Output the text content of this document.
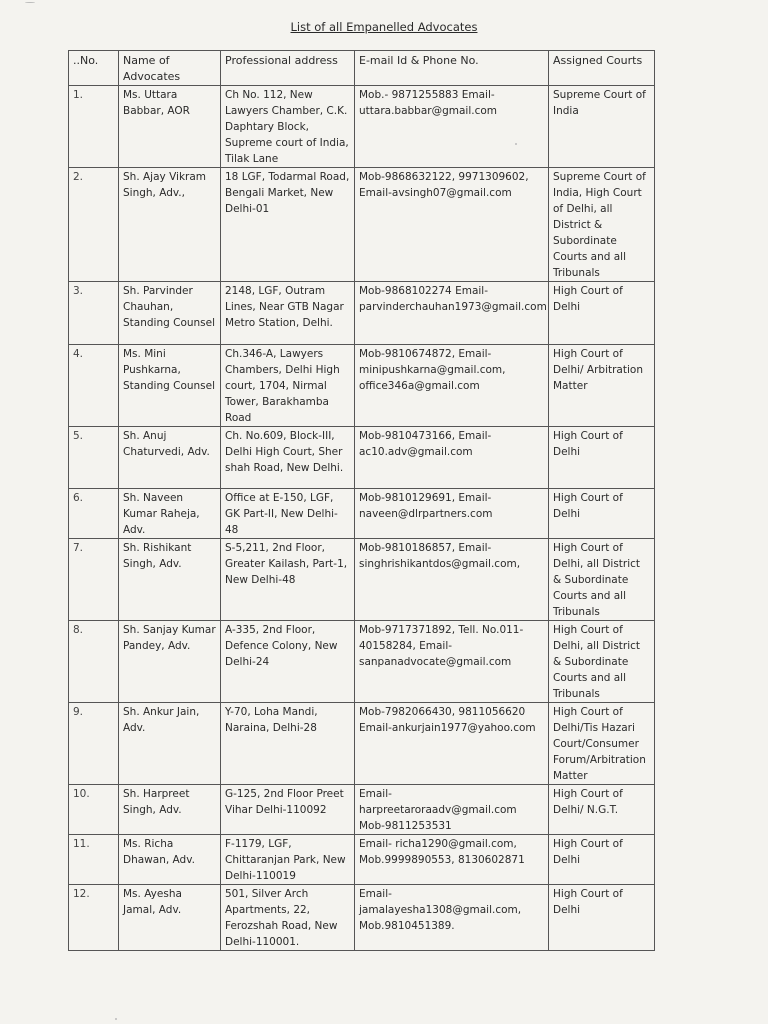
List of all Empanelled Advocates
..No.	Name of Advocates	Professional address	E-mail Id & Phone No.	Assigned Courts
1.	Ms. Uttara Babbar, AOR	Ch No. 112, New Lawyers Chamber, C.K. Daphtary Block, Supreme court of India, Tilak Lane	Mob.- 9871255883 Email-uttara.babbar@gmail.com	Supreme Court of India
2.	Sh. Ajay Vikram Singh, Adv.,	18 LGF, Todarmal Road, Bengali Market, New Delhi-01	Mob-9868632122, 9971309602, Email-avsingh07@gmail.com	Supreme Court of India, High Court of Delhi, all District & Subordinate Courts and all Tribunals
3.	Sh. Parvinder Chauhan, Standing Counsel	2148, LGF, Outram Lines, Near GTB Nagar Metro Station, Delhi.	Mob-9868102274 Email-parvinderchauhan1973@gmail.com	High Court of Delhi
4.	Ms. Mini Pushkarna, Standing Counsel	Ch.346-A, Lawyers Chambers, Delhi High court, 1704, Nirmal Tower, Barakhamba Road	Mob-9810674872, Email-minipushkarna@gmail.com, office346a@gmail.com	High Court of Delhi/ Arbitration Matter
5.	Sh. Anuj Chaturvedi, Adv.	Ch. No.609, Block-III, Delhi High Court, Sher shah Road, New Delhi.	Mob-9810473166, Email-ac10.adv@gmail.com	High Court of Delhi
6.	Sh. Naveen Kumar Raheja, Adv.	Office at E-150, LGF, GK Part-II, New Delhi-48	Mob-9810129691, Email- naveen@dlrpartners.com	High Court of Delhi
7.	Sh. Rishikant Singh, Adv.	S-5,211, 2nd Floor, Greater Kailash, Part-1, New Delhi-48	Mob-9810186857, Email-singhrishikantdos@gmail.com,	High Court of Delhi, all District & Subordinate Courts and all Tribunals
8.	Sh. Sanjay Kumar Pandey, Adv.	A-335, 2nd Floor, Defence Colony, New Delhi-24	Mob-9717371892, Tell. No.011-40158284, Email-sanpanadvocate@gmail.com	High Court of Delhi, all District & Subordinate Courts and all Tribunals
9.	Sh. Ankur Jain, Adv.	Y-70, Loha Mandi, Naraina, Delhi-28	Mob-7982066430, 9811056620 Email-ankurjain1977@yahoo.com	High Court of Delhi/Tis Hazari Court/Consumer Forum/Arbitration Matter
10.	Sh. Harpreet Singh, Adv.	G-125, 2nd Floor Preet Vihar Delhi-110092	Email-harpreetaroraadv@gmail.com Mob-9811253531	High Court of Delhi/ N.G.T.
11.	Ms. Richa Dhawan, Adv.	F-1179, LGF, Chittaranjan Park, New Delhi-110019	Email- richa1290@gmail.com, Mob.9999890553, 8130602871	High Court of Delhi
12.	Ms. Ayesha Jamal, Adv.	501, Silver Arch Apartments, 22, Ferozshah Road, New Delhi-110001.	Email-jamalayesha1308@gmail.com, Mob.9810451389.	High Court of Delhi
